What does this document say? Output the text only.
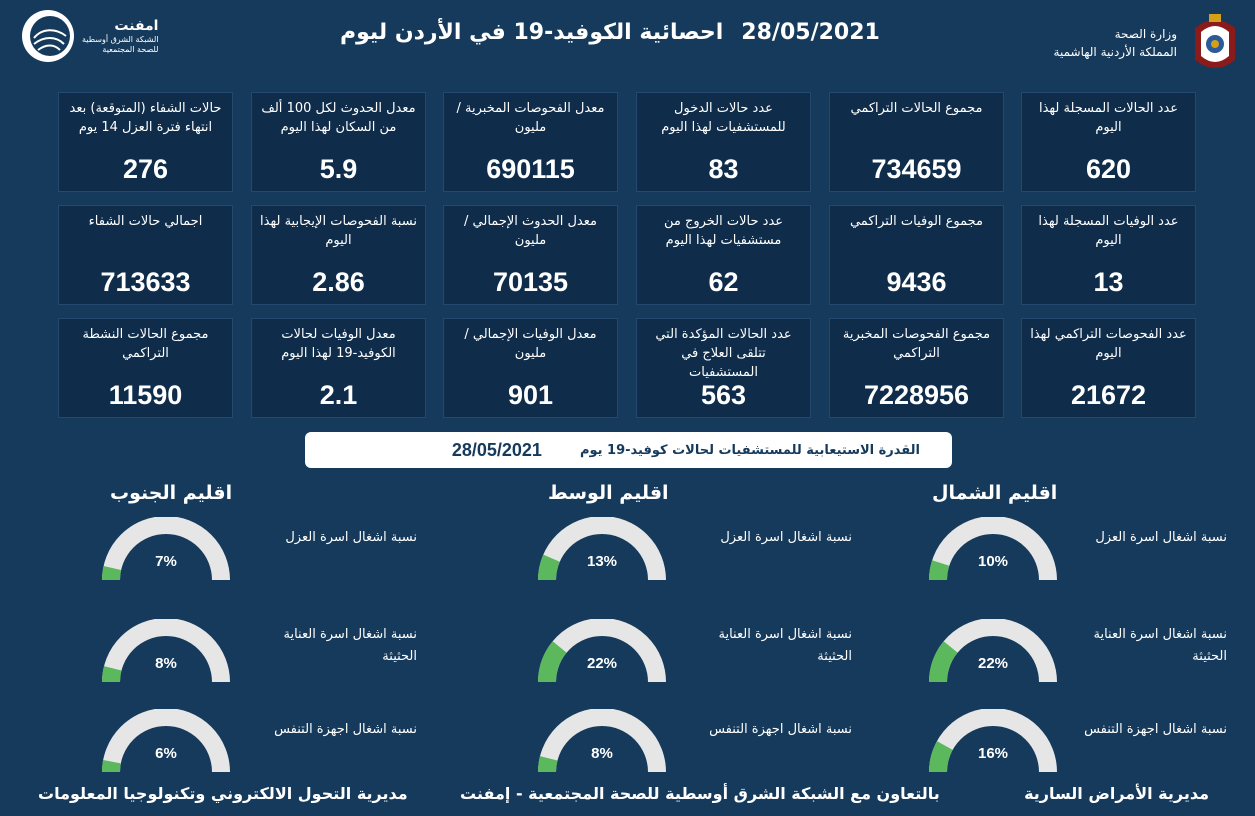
امفنت
الشبكة الشرق أوسطية
للصحة المجتمعية
احصائية الكوفيد-19 في الأردن ليوم 28/05/2021	وزارة الصحة
المملكة الأردنية الهاشمية
عدد الحالات المسجلة لهذا اليوم
620
مجموع الحالات التراكمي
734659
عدد حالات الدخول للمستشفيات لهذا اليوم
83
معدل الفحوصات المخبرية /مليون
690115
معدل الحدوث لكل 100 ألف من السكان لهذا اليوم
5.9
حالات الشفاء (المتوقعة) بعد انتهاء فترة العزل 14 يوم
276
عدد الوفيات المسجلة لهذا اليوم
13
مجموع الوفيات التراكمي
9436
عدد حالات الخروج من مستشفيات لهذا اليوم
62
معدل الحدوث الإجمالي /مليون
70135
نسبة الفحوصات الإيجابية لهذا اليوم
2.86
اجمالي حالات الشفاء
713633
عدد الفحوصات التراكمي لهذا اليوم
21672
مجموع الفحوصات المخبرية التراكمي
7228956
عدد الحالات المؤكدة التي تتلقى العلاج في المستشفيات
563
معدل الوفيات الإجمالي /مليون
901
معدل الوفيات لحالات الكوفيد-19 لهذا اليوم
2.1
مجموع الحالات النشطة التراكمي
11590
القدرة الاستيعابية للمستشفيات لحالات كوفيد-19 يوم
28/05/2021
اقليم الشمال
نسبة اشغال اسرة العزل
10%
نسبة اشغال اسرة العناية الحثيثة
22%
نسبة اشغال اجهزة التنفس
16%
اقليم الوسط
نسبة اشغال اسرة العزل
13%
نسبة اشغال اسرة العناية الحثيثة
22%
نسبة اشغال اجهزة التنفس
8%
اقليم الجنوب
نسبة اشغال اسرة العزل
7%
نسبة اشغال اسرة العناية الحثيثة
8%
نسبة اشغال اجهزة التنفس
6%
مديرية الأمراض السارية
بالتعاون مع الشبكة الشرق أوسطية للصحة المجتمعية - إمفنت
مديرية التحول الالكتروني وتكنولوجيا المعلومات
